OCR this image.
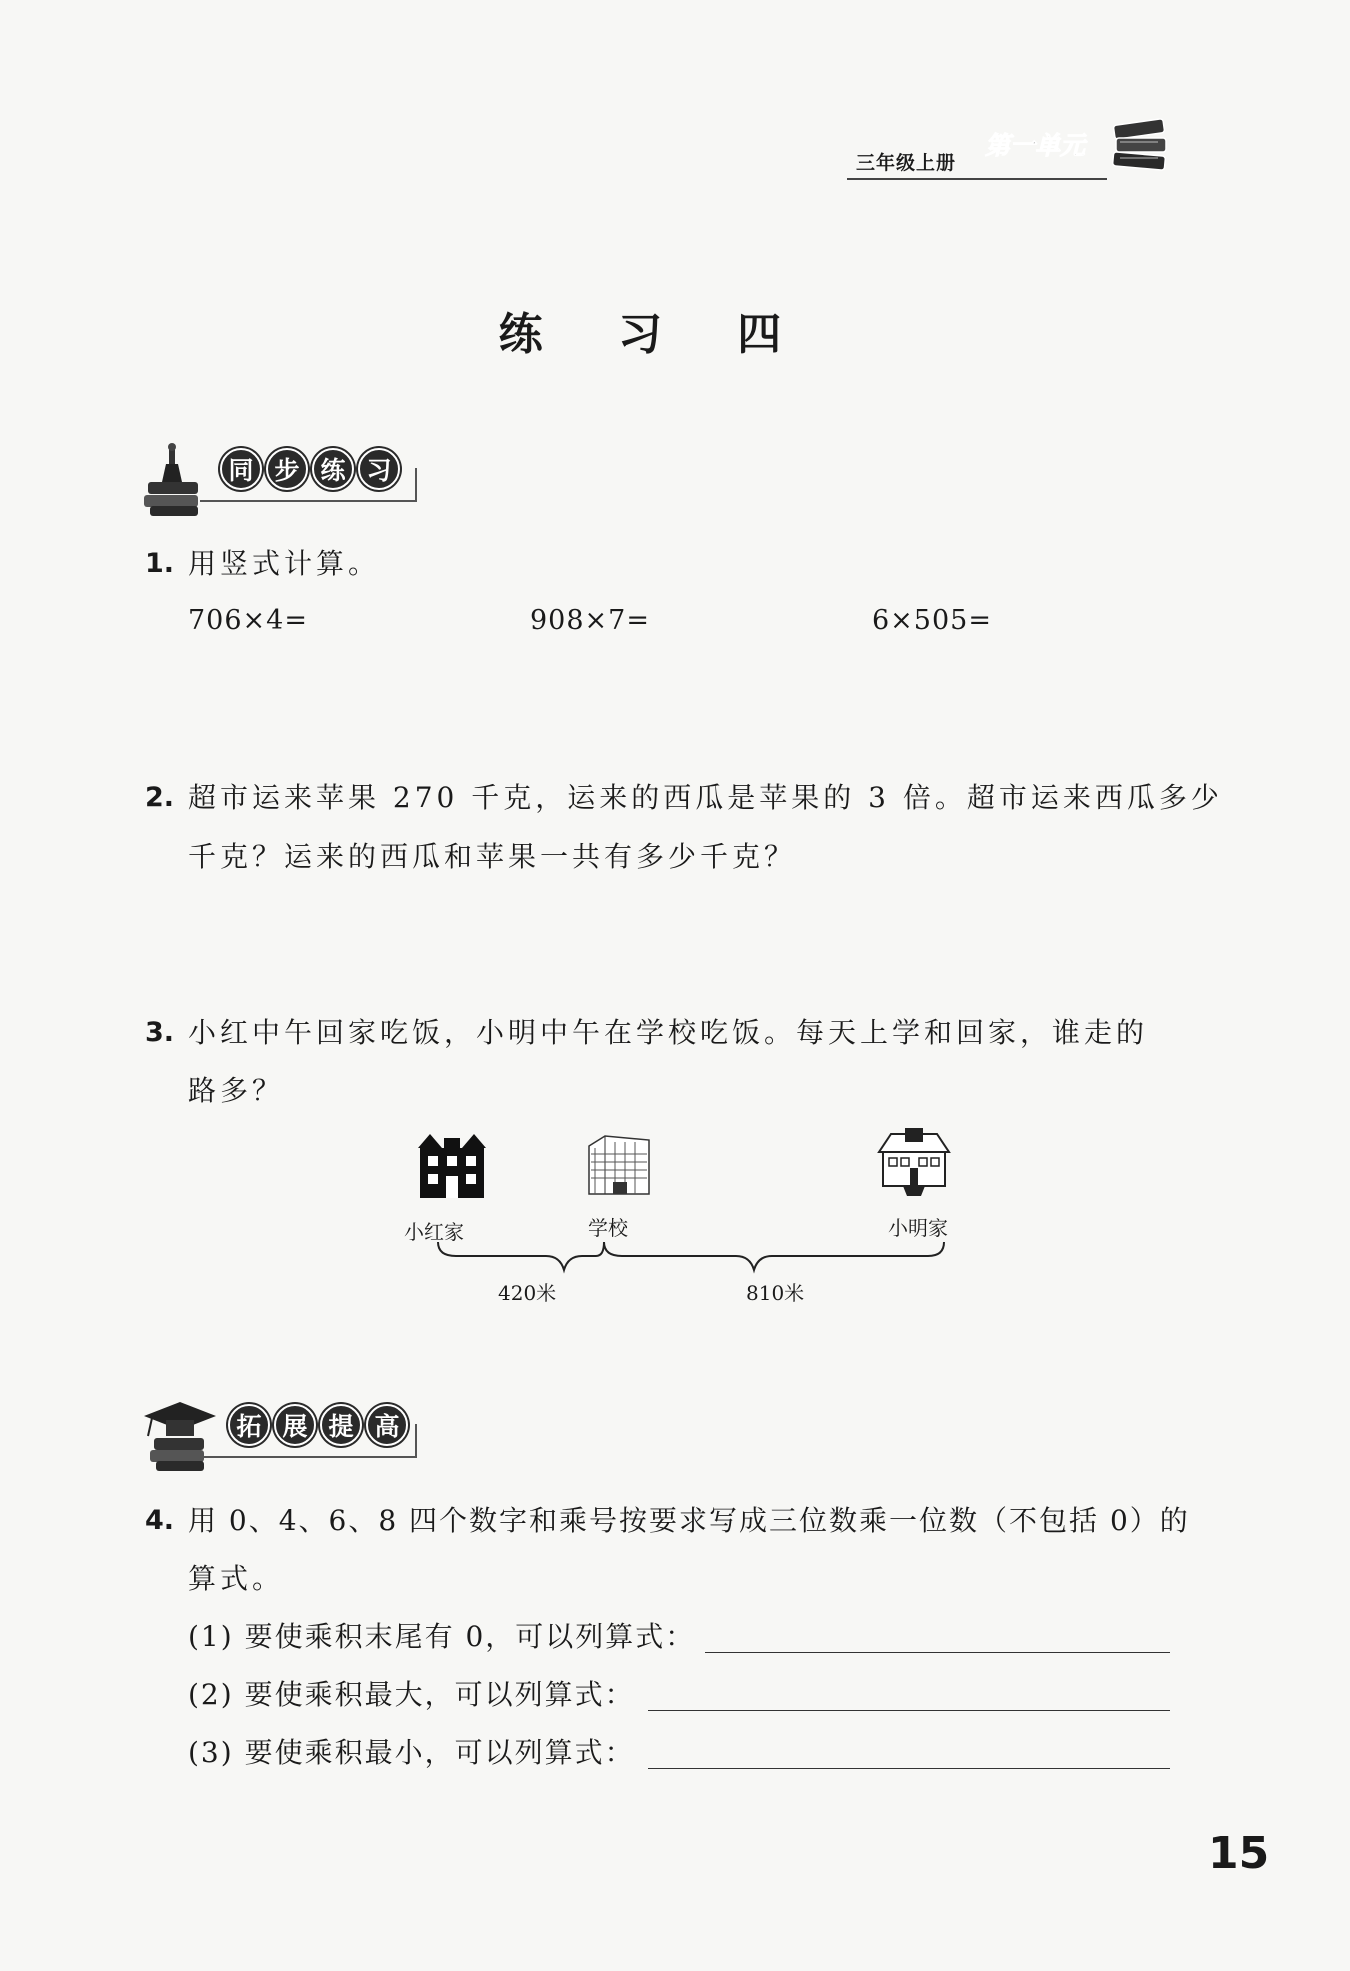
三年级上册
第一单元
练 习 四
同 步 练 习
1. 用竖式计算。
706×4=	908×7=	6×505=
2. 超市运来苹果 270 千克，运来的西瓜是苹果的 3 倍。超市运来西瓜多少
千克？运来的西瓜和苹果一共有多少千克？
3. 小红中午回家吃饭，小明中午在学校吃饭。每天上学和回家，谁走的
路多？
小红家	学校	小明家
420米	810米
拓 展 提 高
4. 用 0、4、6、8 四个数字和乘号按要求写成三位数乘一位数（不包括 0）的
算式。
(1) 要使乘积末尾有 0，可以列算式：
(2) 要使乘积最大，可以列算式：
(3) 要使乘积最小，可以列算式：
15
